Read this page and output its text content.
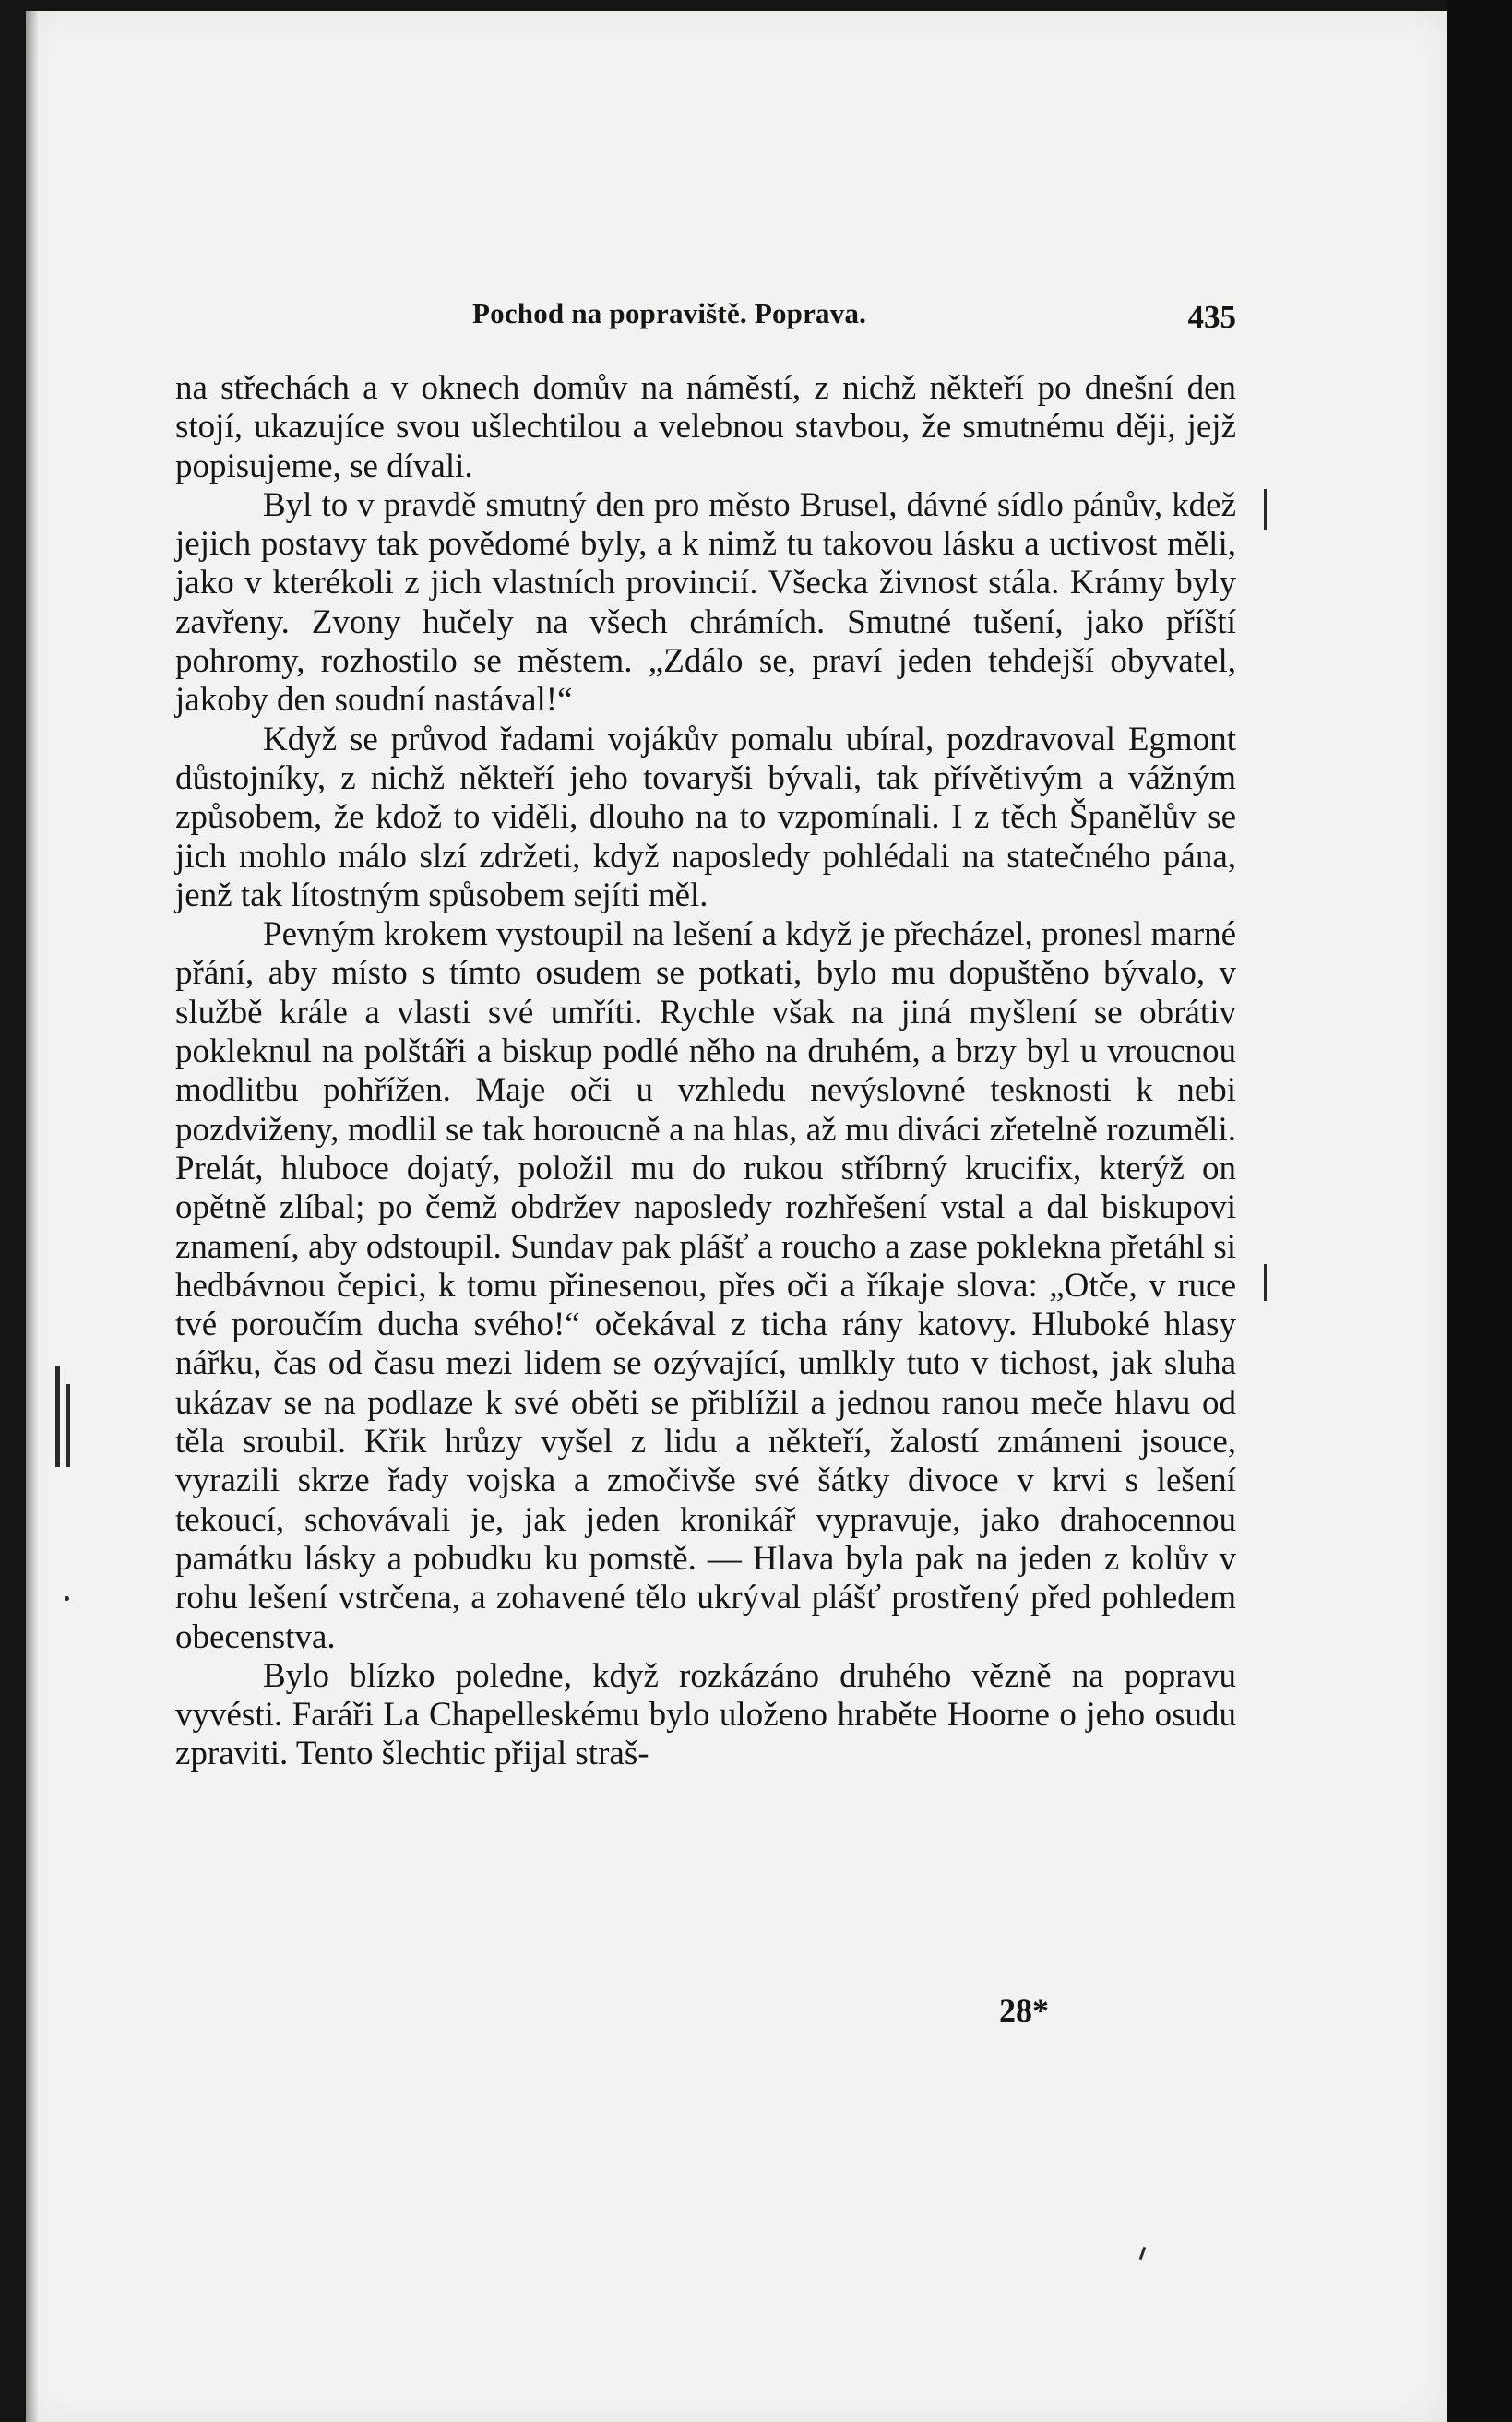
Pochod na popraviště. Poprava.	435

na střechách a v oknech domův na náměstí, z nichž někteří po dnešní den stojí, ukazujíce svou ušlechtilou a velebnou stavbou, že smutnému ději, jejž popisujeme, se dívali.

Byl to v pravdě smutný den pro město Brusel, dávné sídlo pánův, kdež jejich postavy tak povědomé byly, a k nimž tu takovou lásku a uctivost měli, jako v kterékoli z jich vlastních provincií. Všecka živnost stála. Krámy byly zavřeny. Zvony hučely na všech chrámích. Smutné tušení, jako příští pohromy, rozhostilo se městem. „Zdálo se, praví jeden tehdejší obyvatel, jakoby den soudní nastával!“

Když se průvod řadami vojákův pomalu ubíral, pozdravoval Egmont důstojníky, z nichž někteří jeho tovaryši bývali, tak přívětivým a vážným způsobem, že kdož to viděli, dlouho na to vzpomínali. I z těch Španělův se jich mohlo málo slzí zdržeti, když naposledy pohlédali na statečného pána, jenž tak lítostným spůsobem sejíti měl.

Pevným krokem vystoupil na lešení a když je přecházel, pronesl marné přání, aby místo s tímto osudem se potkati, bylo mu dopuštěno bývalo, v službě krále a vlasti své umříti. Rychle však na jiná myšlení se obrátiv pokleknul na polštáři a biskup podlé něho na druhém, a brzy byl u vroucnou modlitbu pohřížen. Maje oči u vzhledu nevýslovné tesknosti k nebi pozdviženy, modlil se tak horoucně a na hlas, až mu diváci zřetelně rozuměli. Prelát, hluboce dojatý, položil mu do rukou stříbrný krucifix, kterýž on opětně zlíbal; po čemž obdržev naposledy rozhřešení vstal a dal biskupovi znamení, aby odstoupil. Sundav pak plášť a roucho a zase poklekna přetáhl si hedbávnou čepici, k tomu přinesenou, přes oči a říkaje slova: „Otče, v ruce tvé poroučím ducha svého!“ očekával z ticha rány katovy. Hluboké hlasy nářku, čas od času mezi lidem se ozývající, umlkly tuto v tichost, jak sluha ukázav se na podlaze k své oběti se přiblížil a jednou ranou meče hlavu od těla sroubil. Křik hrůzy vyšel z lidu a někteří, žalostí zmámeni jsouce, vyrazili skrze řady vojska a zmočivše své šátky divoce v krvi s lešení tekoucí, schovávali je, jak jeden kronikář vypravuje, jako drahocennou památku lásky a pobudku ku pomstě. — Hlava byla pak na jeden z kolův v rohu lešení vstrčena, a zohavené tělo ukrýval plášť prostřený před pohledem obecenstva.

Bylo blízko poledne, když rozkázáno druhého vězně na popravu vyvésti. Faráři La Chapelleskému bylo uloženo hraběte Hoorne o jeho osudu zpraviti. Tento šlechtic přijal straš-

28*
